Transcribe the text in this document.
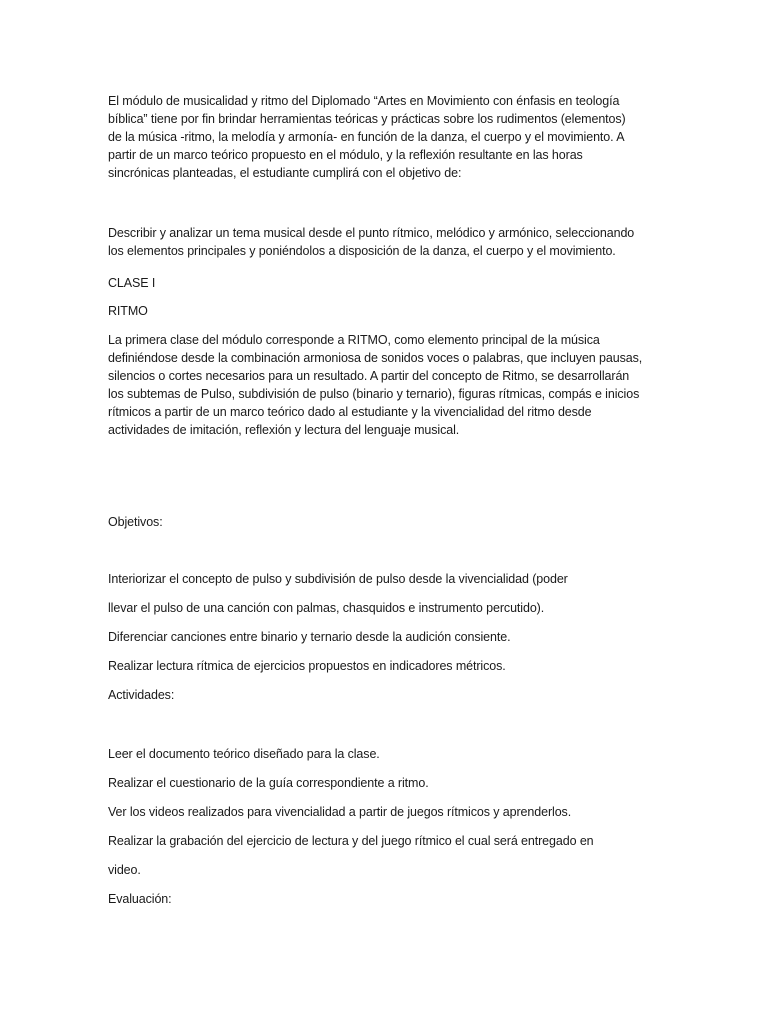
El módulo de musicalidad y ritmo del Diplomado “Artes en Movimiento con énfasis en teología
bíblica” tiene por fin brindar herramientas teóricas y prácticas sobre los rudimentos (elementos)
de la música -ritmo, la melodía y armonía- en función de la danza, el cuerpo y el movimiento. A
partir de un marco teórico propuesto en el módulo, y la reflexión resultante en las horas
sincrónicas planteadas, el estudiante cumplirá con el objetivo de:
Describir y analizar un tema musical desde el punto rítmico, melódico y armónico, seleccionando
los elementos principales y poniéndolos a disposición de la danza, el cuerpo y el movimiento.

CLASE I

RITMO

La primera clase del módulo corresponde a RITMO, como elemento principal de la música
definiéndose desde la combinación armoniosa de sonidos voces o palabras, que incluyen pausas,
silencios o cortes necesarios para un resultado. A partir del concepto de Ritmo, se desarrollarán
los subtemas de Pulso, subdivisión de pulso (binario y ternario), figuras rítmicas, compás e inicios
rítmicos a partir de un marco teórico dado al estudiante y la vivencialidad del ritmo desde
actividades de imitación, reflexión y lectura del lenguaje musical.

Objetivos:

Interiorizar el concepto de pulso y subdivisión de pulso desde la vivencialidad (poder

llevar el pulso de una canción con palmas, chasquidos e instrumento percutido).

Diferenciar canciones entre binario y ternario desde la audición consiente.

Realizar lectura rítmica de ejercicios propuestos en indicadores métricos.

Actividades:

Leer el documento teórico diseñado para la clase.

Realizar el cuestionario de la guía correspondiente a ritmo.

Ver los videos realizados para vivencialidad a partir de juegos rítmicos y aprenderlos.

Realizar la grabación del ejercicio de lectura y del juego rítmico el cual será entregado en

video.

Evaluación:
